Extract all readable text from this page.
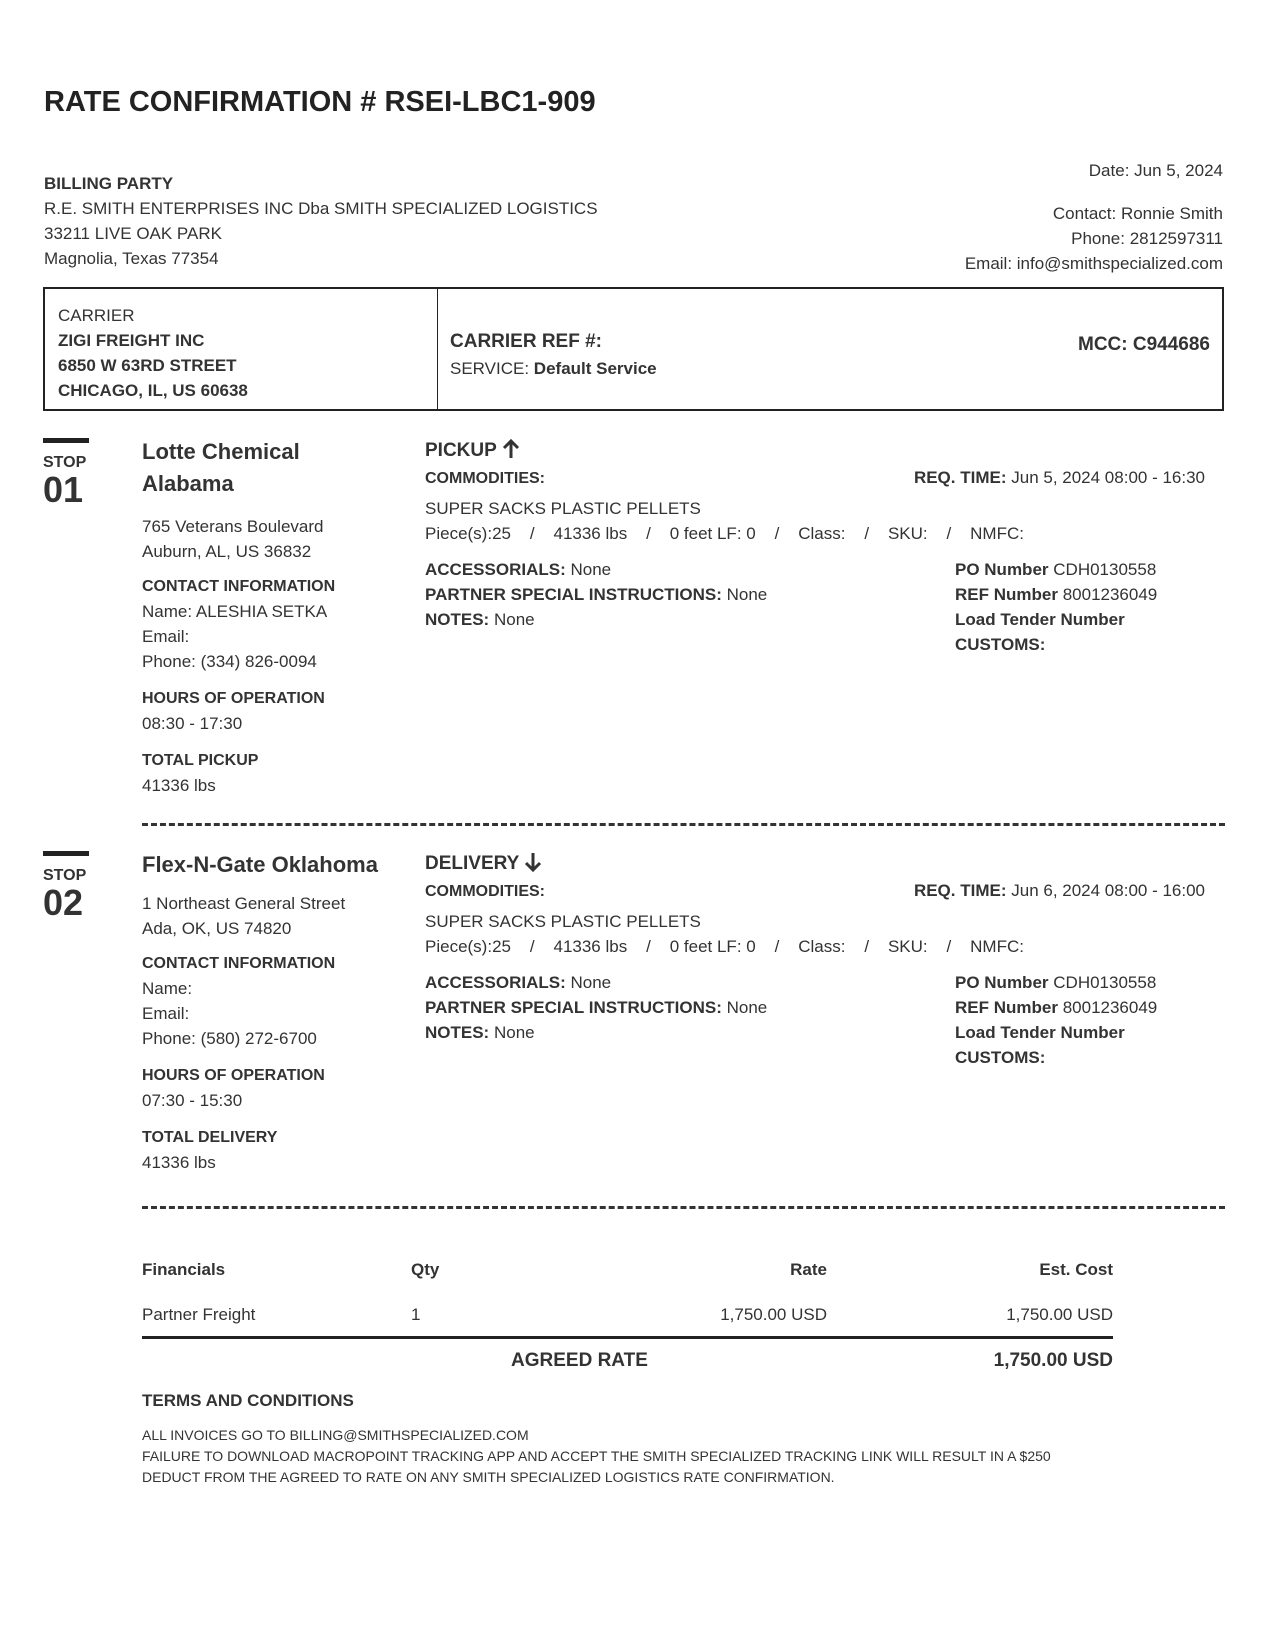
RATE CONFIRMATION # RSEI-LBC1-909
BILLING PARTY
R.E. SMITH ENTERPRISES INC Dba SMITH SPECIALIZED LOGISTICS
33211 LIVE OAK PARK
Magnolia, Texas 77354
Date: Jun 5, 2024
Contact: Ronnie Smith
Phone: 2812597311
Email: info@smithspecialized.com
CARRIER
ZIGI FREIGHT INC
6850 W 63RD STREET
CHICAGO, IL, US 60638
CARRIER REF #:
SERVICE: Default Service
MCC: C944686
STOP
01
Lotte Chemical
Alabama
765 Veterans Boulevard
Auburn, AL, US 36832
CONTACT INFORMATION
Name: ALESHIA SETKA
Email:
Phone: (334) 826-0094
HOURS OF OPERATION
08:30 - 17:30
TOTAL PICKUP
41336 lbs
PICKUP
COMMODITIES:	REQ. TIME: Jun 5, 2024 08:00 - 16:30
SUPER SACKS PLASTIC PELLETS
Piece(s):25    /    41336 lbs    /    0 feet LF: 0    /    Class:    /    SKU:    /    NMFC:
ACCESSORIALS: None
PARTNER SPECIAL INSTRUCTIONS: None
NOTES: None
PO Number CDH0130558
REF Number 8001236049
Load Tender Number
CUSTOMS:
STOP
02
Flex-N-Gate Oklahoma
1 Northeast General Street
Ada, OK, US 74820
CONTACT INFORMATION
Name:
Email:
Phone: (580) 272-6700
HOURS OF OPERATION
07:30 - 15:30
TOTAL DELIVERY
41336 lbs
DELIVERY
COMMODITIES:	REQ. TIME: Jun 6, 2024 08:00 - 16:00
SUPER SACKS PLASTIC PELLETS
Piece(s):25    /    41336 lbs    /    0 feet LF: 0    /    Class:    /    SKU:    /    NMFC:
ACCESSORIALS: None
PARTNER SPECIAL INSTRUCTIONS: None
NOTES: None
PO Number CDH0130558
REF Number 8001236049
Load Tender Number
CUSTOMS:
Financials	Qty	Rate	Est. Cost
Partner Freight	1	1,750.00 USD	1,750.00 USD
AGREED RATE	1,750.00 USD
TERMS AND CONDITIONS
ALL INVOICES GO TO BILLING@SMITHSPECIALIZED.COM
FAILURE TO DOWNLOAD MACROPOINT TRACKING APP AND ACCEPT THE SMITH SPECIALIZED TRACKING LINK WILL RESULT IN A $250
DEDUCT FROM THE AGREED TO RATE ON ANY SMITH SPECIALIZED LOGISTICS RATE CONFIRMATION.
